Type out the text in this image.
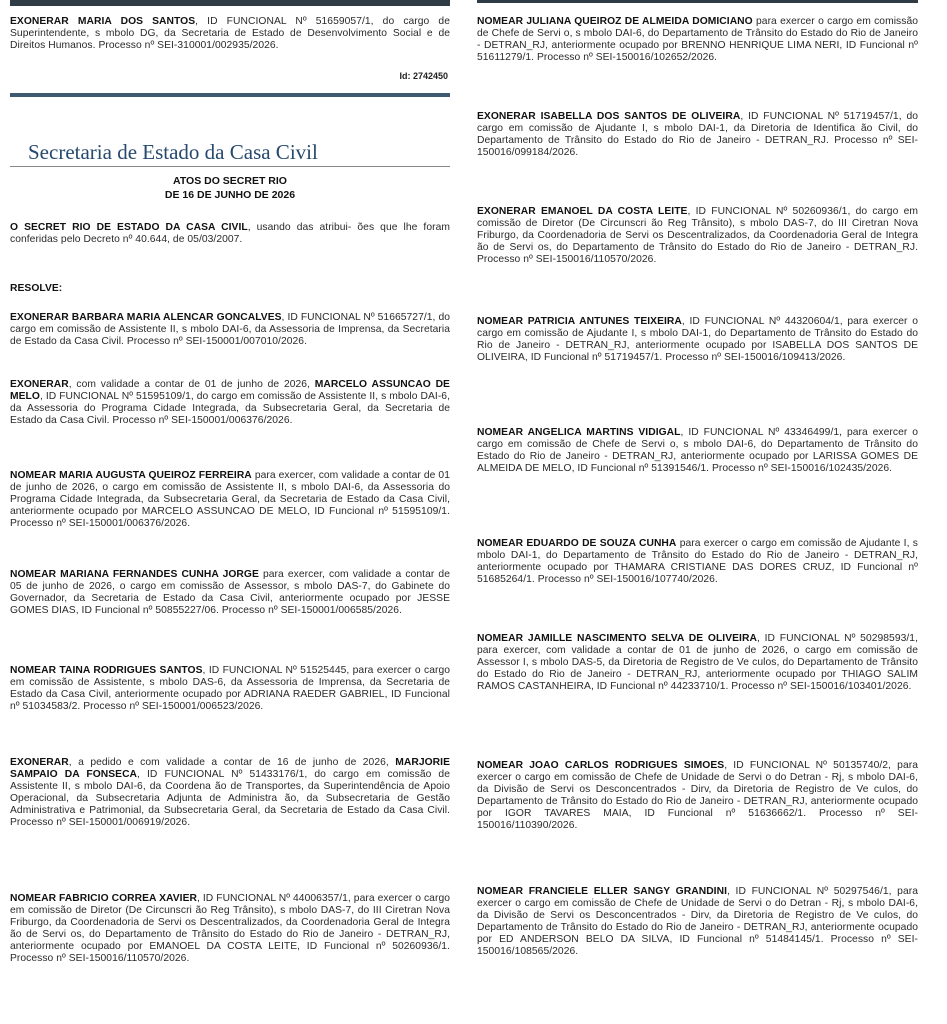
EXONERAR MARIA DOS SANTOS, ID FUNCIONAL Nº 51659057/1, do cargo de Superintendente, s mbolo DG, da Secretaria de Estado de Desenvolvimento Social e de Direitos Humanos. Processo nº SEI-310001/002935/2026.

Id: 2742450
Secretaria de Estado da Casa Civil
ATOS DO SECRET RIO
DE 16 DE JUNHO DE 2026

O SECRET RIO DE ESTADO DA CASA CIVIL, usando das atribui- ões que lhe foram conferidas pelo Decreto nº 40.644, de 05/03/2007.

RESOLVE:

EXONERAR BARBARA MARIA ALENCAR GONCALVES, ID FUNCIONAL Nº 51665727/1, do cargo em comissão de Assistente II, s mbolo DAI-6, da Assessoria de Imprensa, da Secretaria de Estado da Casa Civil. Processo nº SEI-150001/007010/2026.

EXONERAR, com validade a contar de 01 de junho de 2026, MARCELO ASSUNCAO DE MELO, ID FUNCIONAL Nº 51595109/1, do cargo em comissão de Assistente II, s mbolo DAI-6, da Assessoria do Programa Cidade Integrada, da Subsecretaria Geral, da Secretaria de Estado da Casa Civil. Processo nº SEI-150001/006376/2026.

NOMEAR MARIA AUGUSTA QUEIROZ FERREIRA para exercer, com validade a contar de 01 de junho de 2026, o cargo em comissão de Assistente II, s mbolo DAI-6, da Assessoria do Programa Cidade Integrada, da Subsecretaria Geral, da Secretaria de Estado da Casa Civil, anteriormente ocupado por MARCELO ASSUNCAO DE MELO, ID Funcional nº 51595109/1. Processo nº SEI-150001/006376/2026.

NOMEAR MARIANA FERNANDES CUNHA JORGE para exercer, com validade a contar de 05 de junho de 2026, o cargo em comissão de Assessor, s mbolo DAS-7, do Gabinete do Governador, da Secretaria de Estado da Casa Civil, anteriormente ocupado por JESSE GOMES DIAS, ID Funcional nº 50855227/06. Processo nº SEI-150001/006585/2026.

NOMEAR TAINA RODRIGUES SANTOS, ID FUNCIONAL Nº 51525445, para exercer o cargo em comissão de Assistente, s mbolo DAS-6, da Assessoria de Imprensa, da Secretaria de Estado da Casa Civil, anteriormente ocupado por ADRIANA RAEDER GABRIEL, ID Funcional nº 51034583/2. Processo nº SEI-150001/006523/2026.

EXONERAR, a pedido e com validade a contar de 16 de junho de 2026, MARJORIE SAMPAIO DA FONSECA, ID FUNCIONAL Nº 51433176/1, do cargo em comissão de Assistente II, s mbolo DAI-6, da Coordena ão de Transportes, da Superintendência de Apoio Operacional, da Subsecretaria Adjunta de Administra ão, da Subsecretaria de Gestão Administrativa e Patrimonial, da Subsecretaria Geral, da Secretaria de Estado da Casa Civil. Processo nº SEI-150001/006919/2026.

NOMEAR FABRICIO CORREA XAVIER, ID FUNCIONAL Nº 44006357/1, para exercer o cargo em comissão de Diretor (De Circunscri ão Reg Trânsito), s mbolo DAS-7, do III Ciretran Nova Friburgo, da Coordenadoria de Servi os Descentralizados, da Coordenadoria Geral de Integra ão de Servi os, do Departamento de Trânsito do Estado do Rio de Janeiro - DETRAN_RJ, anteriormente ocupado por EMANOEL DA COSTA LEITE, ID Funcional nº 50260936/1. Processo nº SEI-150016/110570/2026.

NOMEAR JULIANA QUEIROZ DE ALMEIDA DOMICIANO para exercer o cargo em comissão de Chefe de Servi o, s mbolo DAI-6, do Departamento de Trânsito do Estado do Rio de Janeiro - DETRAN_RJ, anteriormente ocupado por BRENNO HENRIQUE LIMA NERI, ID Funcional nº 51611279/1. Processo nº SEI-150016/102652/2026.

EXONERAR ISABELLA DOS SANTOS DE OLIVEIRA, ID FUNCIONAL Nº 51719457/1, do cargo em comissão de Ajudante I, s mbolo DAI-1, da Diretoria de Identifica ão Civil, do Departamento de Trânsito do Estado do Rio de Janeiro - DETRAN_RJ. Processo nº SEI-150016/099184/2026.

EXONERAR EMANOEL DA COSTA LEITE, ID FUNCIONAL Nº 50260936/1, do cargo em comissão de Diretor (De Circunscri ão Reg Trânsito), s mbolo DAS-7, do III Ciretran Nova Friburgo, da Coordenadoria de Servi os Descentralizados, da Coordenadoria Geral de Integra ão de Servi os, do Departamento de Trânsito do Estado do Rio de Janeiro - DETRAN_RJ. Processo nº SEI-150016/110570/2026.

NOMEAR PATRICIA ANTUNES TEIXEIRA, ID FUNCIONAL Nº 44320604/1, para exercer o cargo em comissão de Ajudante I, s mbolo DAI-1, do Departamento de Trânsito do Estado do Rio de Janeiro - DETRAN_RJ, anteriormente ocupado por ISABELLA DOS SANTOS DE OLIVEIRA, ID Funcional nº 51719457/1. Processo nº SEI-150016/109413/2026.

NOMEAR ANGELICA MARTINS VIDIGAL, ID FUNCIONAL Nº 43346499/1, para exercer o cargo em comissão de Chefe de Servi o, s mbolo DAI-6, do Departamento de Trânsito do Estado do Rio de Janeiro - DETRAN_RJ, anteriormente ocupado por LARISSA GOMES DE ALMEIDA DE MELO, ID Funcional nº 51391546/1. Processo nº SEI-150016/102435/2026.

NOMEAR EDUARDO DE SOUZA CUNHA para exercer o cargo em comissão de Ajudante I, s mbolo DAI-1, do Departamento de Trânsito do Estado do Rio de Janeiro - DETRAN_RJ, anteriormente ocupado por THAMARA CRISTIANE DAS DORES CRUZ, ID Funcional nº 51685264/1. Processo nº SEI-150016/107740/2026.

NOMEAR JAMILLE NASCIMENTO SELVA DE OLIVEIRA, ID FUNCIONAL Nº 50298593/1, para exercer, com validade a contar de 01 de junho de 2026, o cargo em comissão de Assessor I, s mbolo DAS-5, da Diretoria de Registro de Ve culos, do Departamento de Trânsito do Estado do Rio de Janeiro - DETRAN_RJ, anteriormente ocupado por THIAGO SALIM RAMOS CASTANHEIRA, ID Funcional nº 44233710/1. Processo nº SEI-150016/103401/2026.

NOMEAR JOAO CARLOS RODRIGUES SIMOES, ID FUNCIONAL Nº 50135740/2, para exercer o cargo em comissão de Chefe de Unidade de Servi o do Detran - Rj, s mbolo DAI-6, da Divisão de Servi os Desconcentrados - Dirv, da Diretoria de Registro de Ve culos, do Departamento de Trânsito do Estado do Rio de Janeiro - DETRAN_RJ, anteriormente ocupado por IGOR TAVARES MAIA, ID Funcional nº 51636662/1. Processo nº SEI-150016/110390/2026.

NOMEAR FRANCIELE ELLER SANGY GRANDINI, ID FUNCIONAL Nº 50297546/1, para exercer o cargo em comissão de Chefe de Unidade de Servi o do Detran - Rj, s mbolo DAI-6, da Divisão de Servi os Desconcentrados - Dirv, da Diretoria de Registro de Ve culos, do Departamento de Trânsito do Estado do Rio de Janeiro - DETRAN_RJ, anteriormente ocupado por ED ANDERSON BELO DA SILVA, ID Funcional nº 51484145/1. Processo nº SEI-150016/108565/2026.
